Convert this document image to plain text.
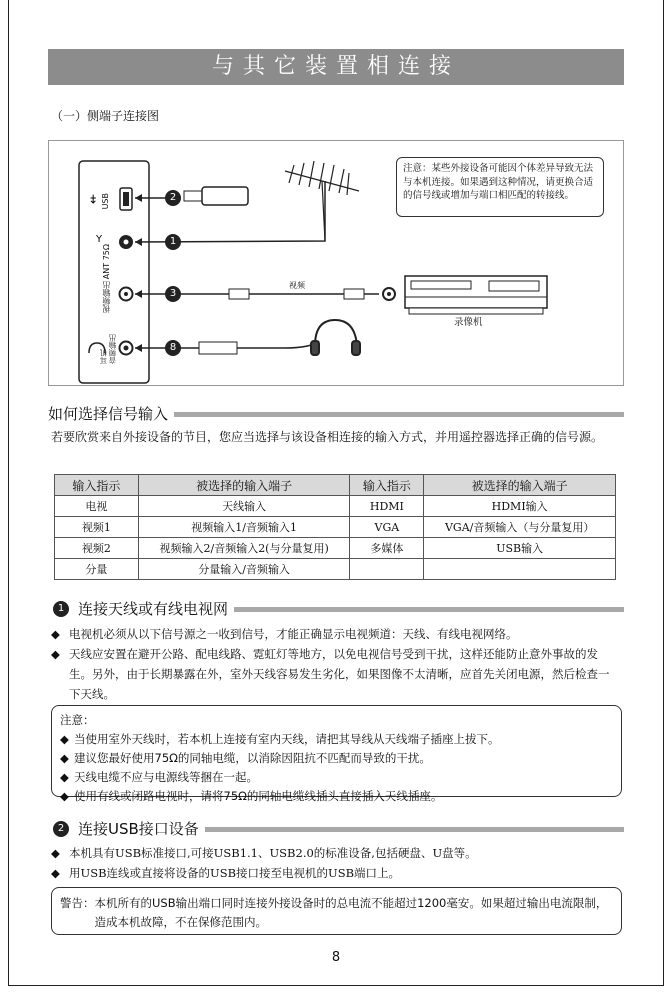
与其它装置相连接
（一）侧端子连接图
⇷
Y
USB
ANT 75Ω
视频输出
耳机
音频输出
2
1
3
8
视频
录像机
注意：某些外接设备可能因个体差异导致无法与本机连接。如果遇到这种情况，请更换合适的信号线或增加与端口相匹配的转接线。
如何选择信号输入
若要欣赏来自外接设备的节目，您应当选择与该设备相连接的输入方式，并用遥控器选择正确的信号源。
输入指示	被选择的输入端子	输入指示	被选择的输入端子
电视	天线输入	HDMI	HDMI输入
视频1	视频输入1/音频输入1	VGA	VGA/音频输入（与分量复用）
视频2	视频输入2/音频输入2(与分量复用)	多媒体	USB输入
分量	分量输入/音频输入		
1 连接天线或有线电视网
◆ 电视机必须从以下信号源之一收到信号，才能正确显示电视频道：天线、有线电视网络。
◆ 天线应安置在避开公路、配电线路、霓虹灯等地方，以免电视信号受到干扰，这样还能防止意外事故的发生。另外，由于长期暴露在外，室外天线容易发生劣化，如果图像不太清晰，应首先关闭电源，然后检查一下天线。
注意：
◆ 当使用室外天线时，若本机上连接有室内天线，请把其导线从天线端子插座上拔下。
◆ 建议您最好使用75Ω的同轴电缆，以消除因阻抗不匹配而导致的干扰。
◆ 天线电缆不应与电源线等捆在一起。
◆ 使用有线或闭路电视时，请将75Ω的同轴电缆线插头直接插入天线插座。
2 连接USB接口设备
◆ 本机具有USB标准接口,可接USB1.1、USB2.0的标准设备,包括硬盘、U盘等。
◆ 用USB连线或直接将设备的USB接口接至电视机的USB端口上。
警告： 本机所有的USB输出端口同时连接外接设备时的总电流不能超过1200毫安。如果超过输出电流限制，造成本机故障，不在保修范围内。
8
